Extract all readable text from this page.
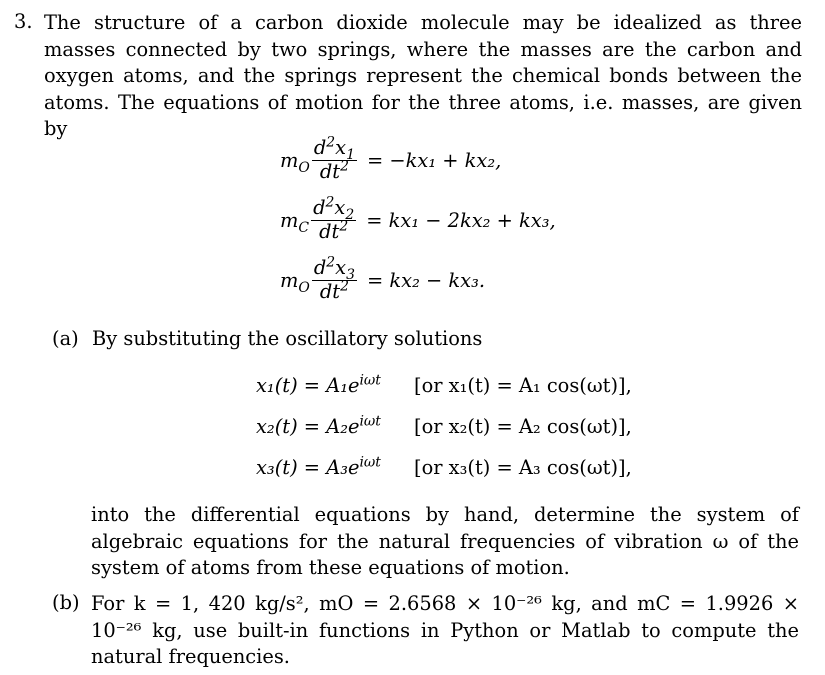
3. The structure of a carbon dioxide molecule may be idealized as three masses connected by two springs, where the masses are the carbon and oxygen atoms, and the springs represent the chemical bonds between the atoms. The equations of motion for the three atoms, i.e. masses, are given by
$m_O \frac{d^2x_1}{dt^2} = -kx_1 + kx_2$,
$m_C \frac{d^2x_2}{dt^2} = kx_1 - 2kx_2 + kx_3$,
$m_O \frac{d^2x_3}{dt^2} = kx_2 - kx_3$.
(a) By substituting the oscillatory solutions
$x_1(t) = A_1e^{i\omega t}$ [or x₁(t) = A₁ cos(ωt)],
$x_2(t) = A_2e^{i\omega t}$ [or x₂(t) = A₂ cos(ωt)],
$x_3(t) = A_3e^{i\omega t}$ [or x₃(t) = A₃ cos(ωt)],
into the differential equations by hand, determine the system of algebraic equations for the natural frequencies of vibration ω of the system of atoms from these equations of motion.
(b) For k = 1, 420 kg/s², mO = 2.6568 × 10⁻²⁶ kg, and mC = 1.9926 × 10⁻²⁶ kg, use built-in functions in Python or Matlab to compute the natural frequencies.
